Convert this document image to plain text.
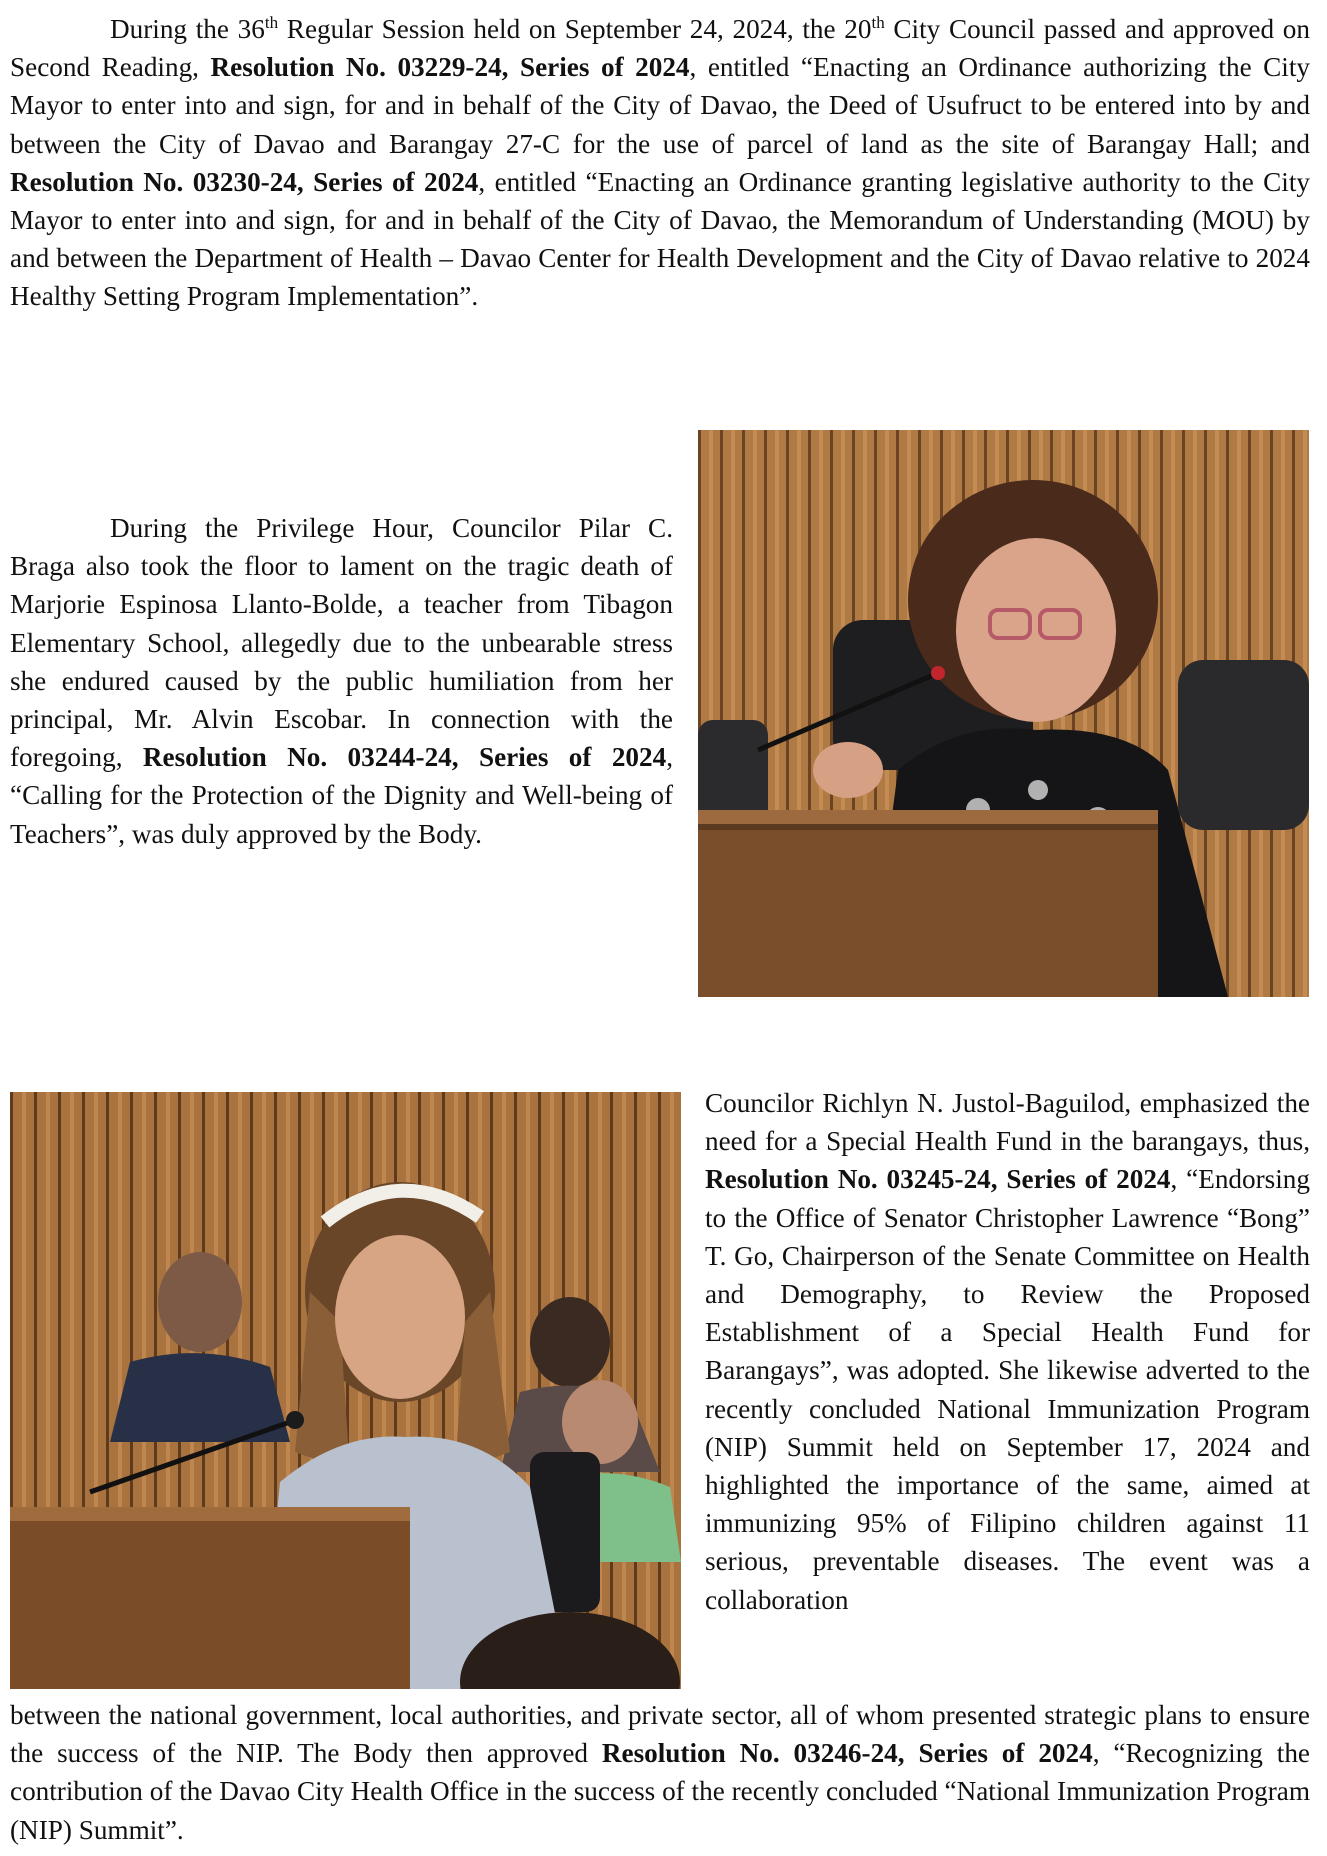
During the 36th Regular Session held on September 24, 2024, the 20th City Council passed and approved on Second Reading, Resolution No. 03229-24, Series of 2024, entitled “Enacting an Ordinance authorizing the City Mayor to enter into and sign, for and in behalf of the City of Davao, the Deed of Usufruct to be entered into by and between the City of Davao and Barangay 27-C for the use of parcel of land as the site of Barangay Hall; and Resolution No. 03230-24, Series of 2024, entitled “Enacting an Ordinance granting legislative authority to the City Mayor to enter into and sign, for and in behalf of the City of Davao, the Memorandum of Understanding (MOU) by and between the Department of Health – Davao Center for Health Development and the City of Davao relative to 2024 Healthy Setting Program Implementation”.

During the Privilege Hour, Councilor Pilar C. Braga also took the floor to lament on the tragic death of Marjorie Espinosa Llanto-Bolde, a teacher from Tibagon Elementary School, allegedly due to the unbearable stress she endured caused by the public humiliation from her principal, Mr. Alvin Escobar. In connection with the foregoing, Resolution No. 03244-24, Series of 2024, “Calling for the Protection of the Dignity and Well-being of Teachers”, was duly approved by the Body.

Councilor Richlyn N. Justol-Baguilod, emphasized the need for a Special Health Fund in the barangays, thus, Resolution No. 03245-24, Series of 2024, “Endorsing to the Office of Senator Christopher Lawrence “Bong” T. Go, Chairperson of the Senate Committee on Health and Demography, to Review the Proposed Establishment of a Special Health Fund for Barangays”, was adopted. She likewise adverted to the recently concluded National Immunization Program (NIP) Summit held on September 17, 2024 and highlighted the importance of the same, aimed at immunizing 95% of Filipino children against 11 serious, preventable diseases. The event was a collaboration

between the national government, local authorities, and private sector, all of whom presented strategic plans to ensure the success of the NIP. The Body then approved Resolution No. 03246-24, Series of 2024, “Recognizing the contribution of the Davao City Health Office in the success of the recently concluded “National Immunization Program (NIP) Summit”.
